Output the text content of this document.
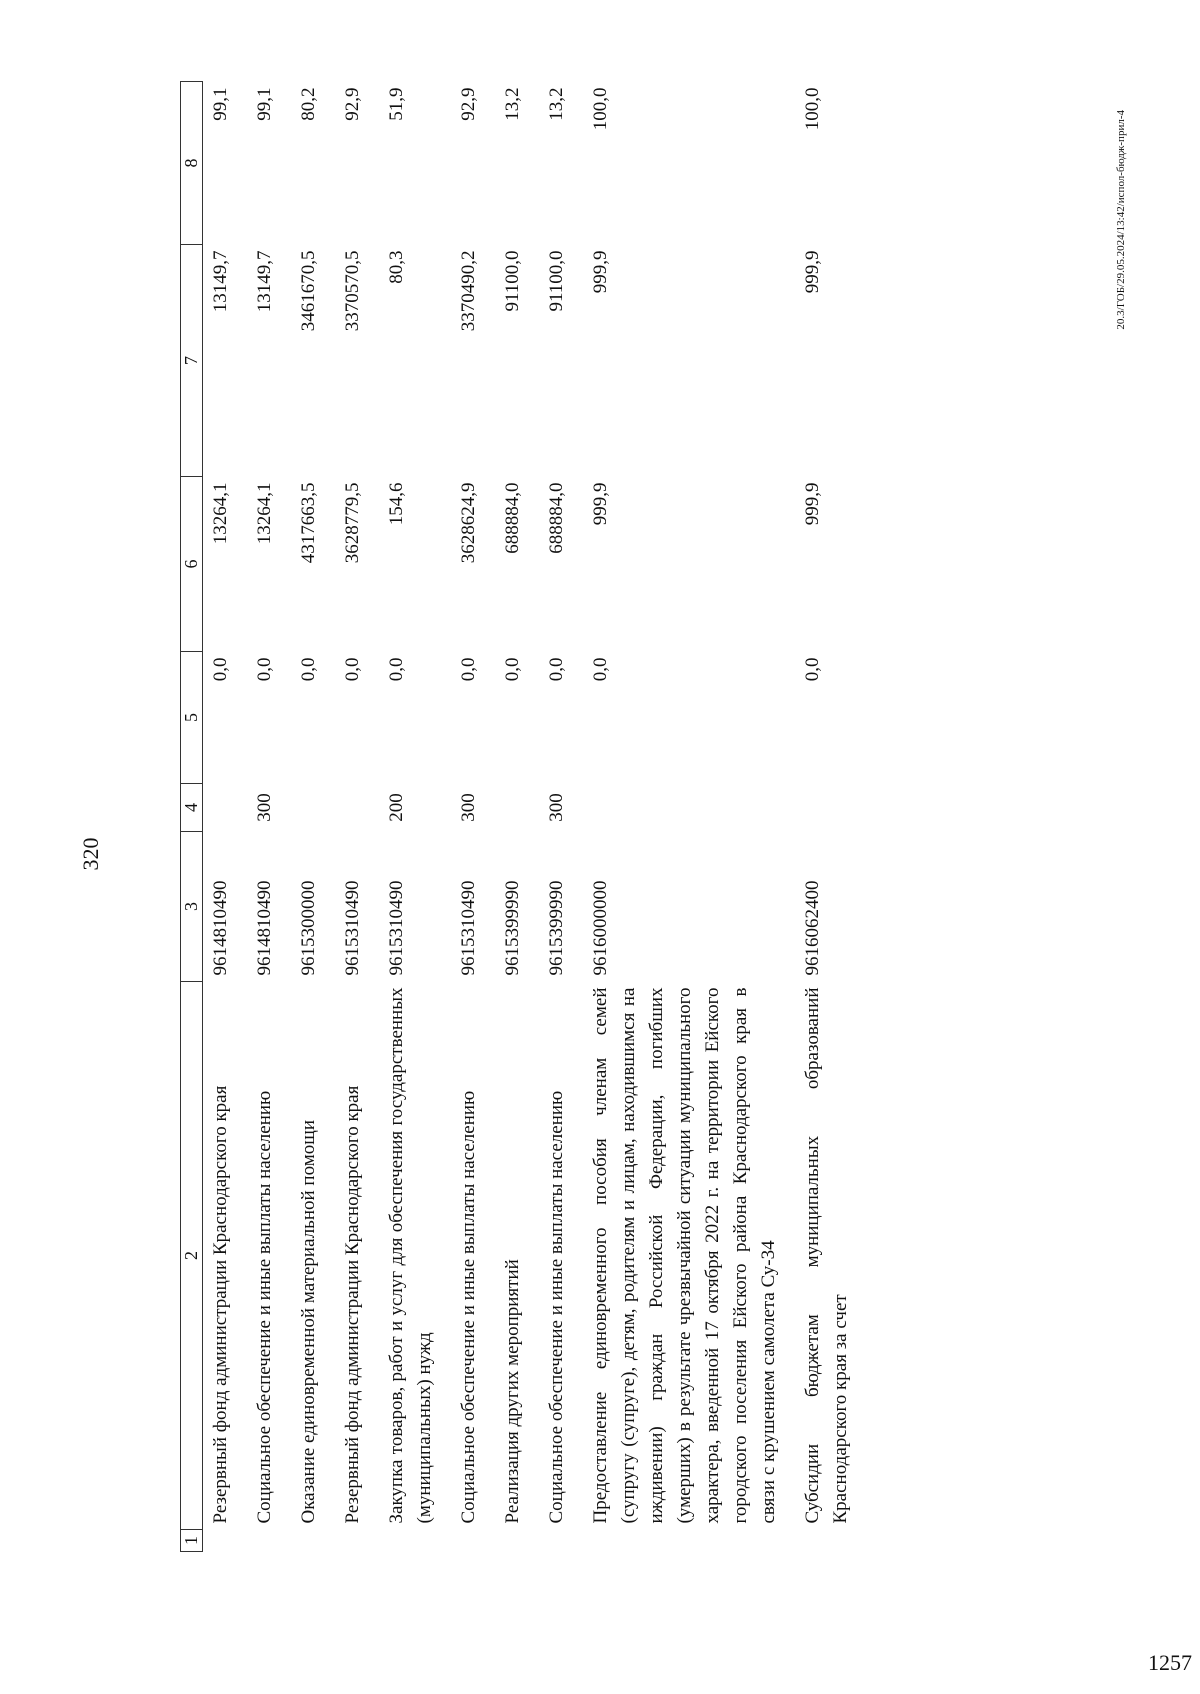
320
1	2	3	4	5	6	7	8
	Резервный фонд администрации Краснодарского края	9614810490		0,0	13264,1	13149,7	99,1
	Социальное обеспечение и иные выплаты населению	9614810490	300	0,0	13264,1	13149,7	99,1
	Оказание единовременной материальной помощи	9615300000		0,0	4317663,5	3461670,5	80,2
	Резервный фонд администрации Краснодарского края	9615310490		0,0	3628779,5	3370570,5	92,9
	Закупка товаров, работ и услуг для обеспечения государственных (муниципальных) нужд	9615310490	200	0,0	154,6	80,3	51,9
	Социальное обеспечение и иные выплаты населению	9615310490	300	0,0	3628624,9	3370490,2	92,9
	Реализация других мероприятий	9615399990		0,0	688884,0	91100,0	13,2
	Социальное обеспечение и иные выплаты населению	9615399990	300	0,0	688884,0	91100,0	13,2
	Предоставление единовременного пособия членам семей (супругу (супруге), детям, родителям и лицам, находившимся на иждивении) граждан Российской Федерации, погибших (умерших) в результате чрезвычайной ситуации муниципального характера, введенной 17 октября 2022 г. на территории Ейского городского поселения Ейского района Краснодарского края в связи с крушением самолета Су-34	9616000000		0,0	999,9	999,9	100,0
	Субсидии бюджетам муниципальных образований Краснодарского края за счет	9616062400		0,0	999,9	999,9	100,0
20.3/ГОБ/29.05.2024/13:42/испол-бюдж-прил-4
1257
